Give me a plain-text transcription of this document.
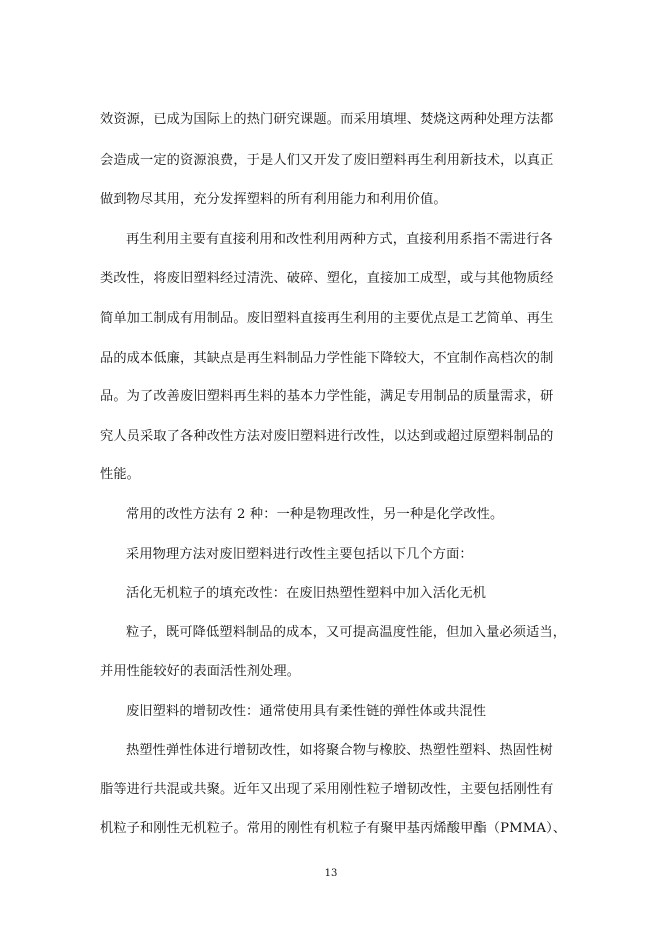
效资源，已成为国际上的热门研究课题。而采用填埋、焚烧这两种处理方法都
会造成一定的资源浪费，于是人们又开发了废旧塑料再生利用新技术，以真正
做到物尽其用，充分发挥塑料的所有利用能力和利用价值。
再生利用主要有直接利用和改性利用两种方式，直接利用系指不需进行各
类改性，将废旧塑料经过清洗、破碎、塑化，直接加工成型，或与其他物质经
简单加工制成有用制品。废旧塑料直接再生利用的主要优点是工艺简单、再生
品的成本低廉，其缺点是再生料制品力学性能下降较大，不宜制作高档次的制
品。为了改善废旧塑料再生料的基本力学性能，满足专用制品的质量需求，研
究人员采取了各种改性方法对废旧塑料进行改性，以达到或超过原塑料制品的
性能。
常用的改性方法有 2 种：一种是物理改性，另一种是化学改性。
采用物理方法对废旧塑料进行改性主要包括以下几个方面：
活化无机粒子的填充改性：在废旧热塑性塑料中加入活化无机
粒子，既可降低塑料制品的成本，又可提高温度性能，但加入量必须适当，
并用性能较好的表面活性剂处理。
废旧塑料的增韧改性：通常使用具有柔性链的弹性体或共混性
热塑性弹性体进行增韧改性，如将聚合物与橡胶、热塑性塑料、热固性树
脂等进行共混或共聚。近年又出现了采用刚性粒子增韧改性，主要包括刚性有
机粒子和刚性无机粒子。常用的刚性有机粒子有聚甲基丙烯酸甲酯（PMMA）、
13
